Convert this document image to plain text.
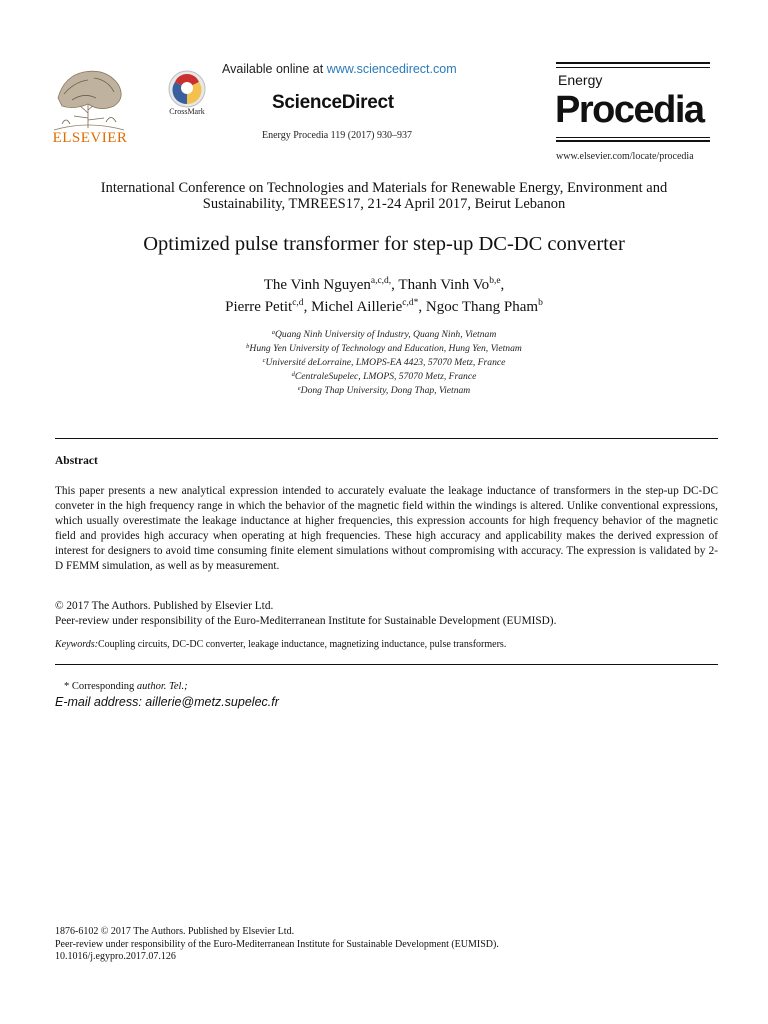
ELSEVIER
CrossMark
Available online at www.sciencedirect.com
ScienceDirect
Energy Procedia 119 (2017) 930–937
Energy
Procedia
www.elsevier.com/locate/procedia
International Conference on Technologies and Materials for Renewable Energy, Environment and
Sustainability, TMREES17, 21-24 April 2017, Beirut Lebanon
Optimized pulse transformer for step-up DC-DC converter
The Vinh Nguyen$^{a,c,d,}$, Thanh Vinh Vo$^{b,e}$,
Pierre Petit$^{c,d}$, Michel Aillerie$^{c,d*}$, Ngoc Thang Pham$^b$
$^a$Quang Ninh University of Industry, Quang Ninh, Vietnam
$^b$Hung Yen University of Technology and Education, Hung Yen, Vietnam
$^c$Université deLorraine, LMOPS-EA 4423, 57070 Metz, France
$^d$CentraleSupelec, LMOPS, 57070 Metz, France
$^e$Dong Thap University, Dong Thap, Vietnam
Abstract
This paper presents a new analytical expression intended to accurately evaluate the leakage inductance of transformers in the step-up DC-DC conveter in the high frequency range in which the behavior of the magnetic field within the windings is altered. Unlike conventional expressions, which usually overestimate the leakage inductance at higher frequencies, this expression accounts for high frequency behavior of the magnetic field and provides high accuracy when operating at high frequencies. These high accuracy and applicability makes the derived expression of interest for designers to avoid time consuming finite element simulations without compromising with accuracy. The expression is validated by 2-D FEMM simulation, as well as by measurement.
© 2017 The Authors. Published by Elsevier Ltd.
Peer-review under responsibility of the Euro-Mediterranean Institute for Sustainable Development (EUMISD).
Keywords:Coupling circuits, DC-DC converter, leakage inductance, magnetizing inductance, pulse transformers.
* Corresponding author. Tel.;
E-mail address: aillerie@metz.supelec.fr
1876-6102 © 2017 The Authors. Published by Elsevier Ltd.
Peer-review under responsibility of the Euro-Mediterranean Institute for Sustainable Development (EUMISD).
10.1016/j.egypro.2017.07.126
